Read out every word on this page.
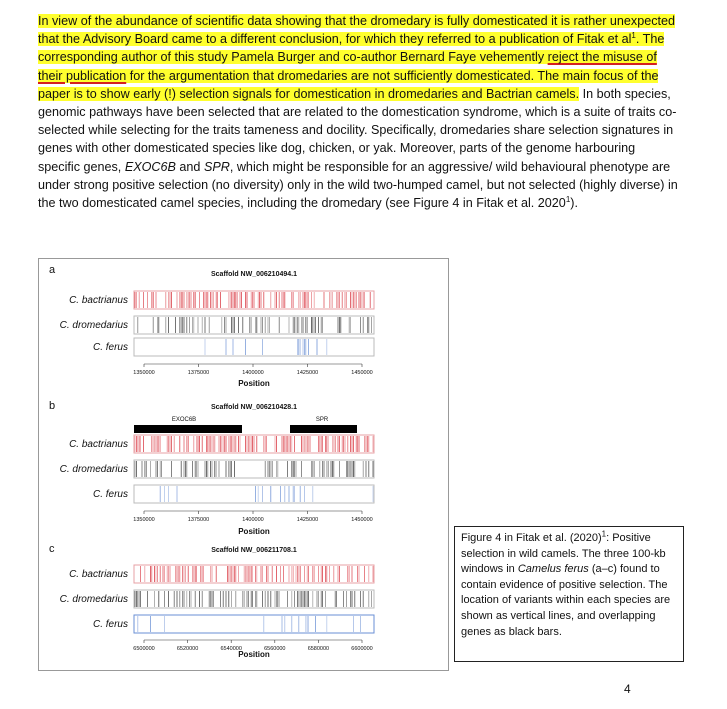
In view of the abundance of scientific data showing that the dromedary is fully domesticated it is rather unexpected that the Advisory Board came to a different conclusion, for which they referred to a publication of Fitak et $al^1$. The corresponding author of this study Pamela Burger and co-author Bernard Faye vehemently reject the misuse of their publication for the argumentation that dromedaries are not sufficiently domesticated. The main focus of the paper is to show early (!) selection signals for domestication in dromedaries and Bactrian camels. In both species, genomic pathways have been selected that are related to the domestication syndrome, which is a suite of traits co-selected while selecting for the traits tameness and docility. Specifically, dromedaries share selection signatures in genes with other domesticated species like dog, chicken, or yak. Moreover, parts of the genome harbouring specific genes, EXOC6B and SPR, which might be responsible for an aggressive/ wild behavioural phenotype are under strong positive selection (no diversity) only in the wild two-humped camel, but not selected (highly diverse) in the two domesticated camel species, including the dromedary (see Figure 4 in Fitak et al. 2020$^1$).

a	Scaffold NW_006210494.1
C. bactrianus
C. dromedarius
C. ferus
1350000	1375000	1400000	1425000	1450000
Position
b	Scaffold NW_006210428.1
EXOC6B	SPR
C. bactrianus
C. dromedarius
C. ferus
1350000	1375000	1400000	1425000	1450000
Position
c	Scaffold NW_006211708.1
C. bactrianus
C. dromedarius
C. ferus
6500000	6520000	6540000	6560000	6580000	6600000
Position
Figure 4 in Fitak et al. $(2020)^1$: Positive selection in wild camels. The three 100-kb windows in Camelus ferus (a–c) found to contain evidence of positive selection. The location of variants within each species are shown as vertical lines, and overlapping genes as black bars.
4
